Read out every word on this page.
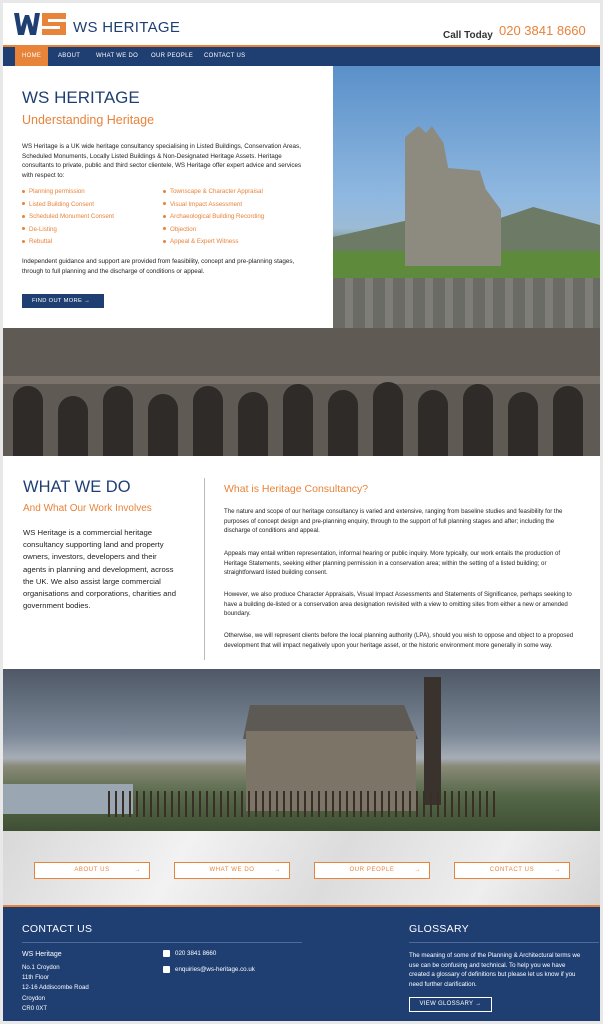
WS HERITAGE	Call Today 020 3841 8660
HOME	ABOUT	WHAT WE DO OUR PEOPLE CONTACT US
WS HERITAGE
Understanding Heritage
WS Heritage is a UK wide heritage consultancy specialising in Listed Buildings, Conservation Areas, Scheduled Monuments, Locally Listed Buildings & Non-Designated Heritage Assets. Heritage consultants to private, public and third sector clientele, WS Heritage offer expert advice and services with respect to:
Planning permission
Listed Building Consent
Scheduled Monument Consent
De-Listing
Rebuttal
Townscape & Character Appraisal
Visual Impact Assessment
Archaeological Building Recording
Objection
Appeal & Expert Witness
Independent guidance and support are provided from feasibility, concept and pre-planning stages, through to full planning and the discharge of conditions or appeal.
FIND OUT MORE →
WHAT WE DO
And What Our Work Involves
WS Heritage is a commercial heritage consultancy supporting land and property owners, investors, developers and their agents in planning and development, across the UK. We also assist large commercial organisations and corporations, charities and government bodies.
What is Heritage Consultancy?
The nature and scope of our heritage consultancy is varied and extensive, ranging from baseline studies and feasibility for the purposes of concept design and pre-planning enquiry, through to the support of full planning stages and after; including the discharge of conditions and appeal.
Appeals may entail written representation, informal hearing or public inquiry. More typically, our work entails the production of Heritage Statements, seeking either planning permission in a conservation area; within the setting of a listed building; or straightforward listed building consent.
However, we also produce Character Appraisals, Visual Impact Assessments and Statements of Significance, perhaps seeking to have a building de-listed or a conservation area designation revisited with a view to omitting sites from either a new or amended boundary.
Otherwise, we will represent clients before the local planning authority (LPA), should you wish to oppose and object to a proposed development that will impact negatively upon your heritage asset, or the historic environment more generally in some way.
ABOUT US	→	WHAT WE DO	→	OUR PEOPLE	→	CONTACT US	→
CONTACT US
WS Heritage
No.1 Croydon
11th Floor
12-16 Addiscombe Road
Croydon
CR0 0XT
020 3841 8660
enquiries@ws-heritage.co.uk
GLOSSARY
The meaning of some of the Planning & Architectural terms we use can be confusing and technical. To help you we have created a glossary of definitions but please let us know if you need further clarification.
VIEW GLOSSARY →
